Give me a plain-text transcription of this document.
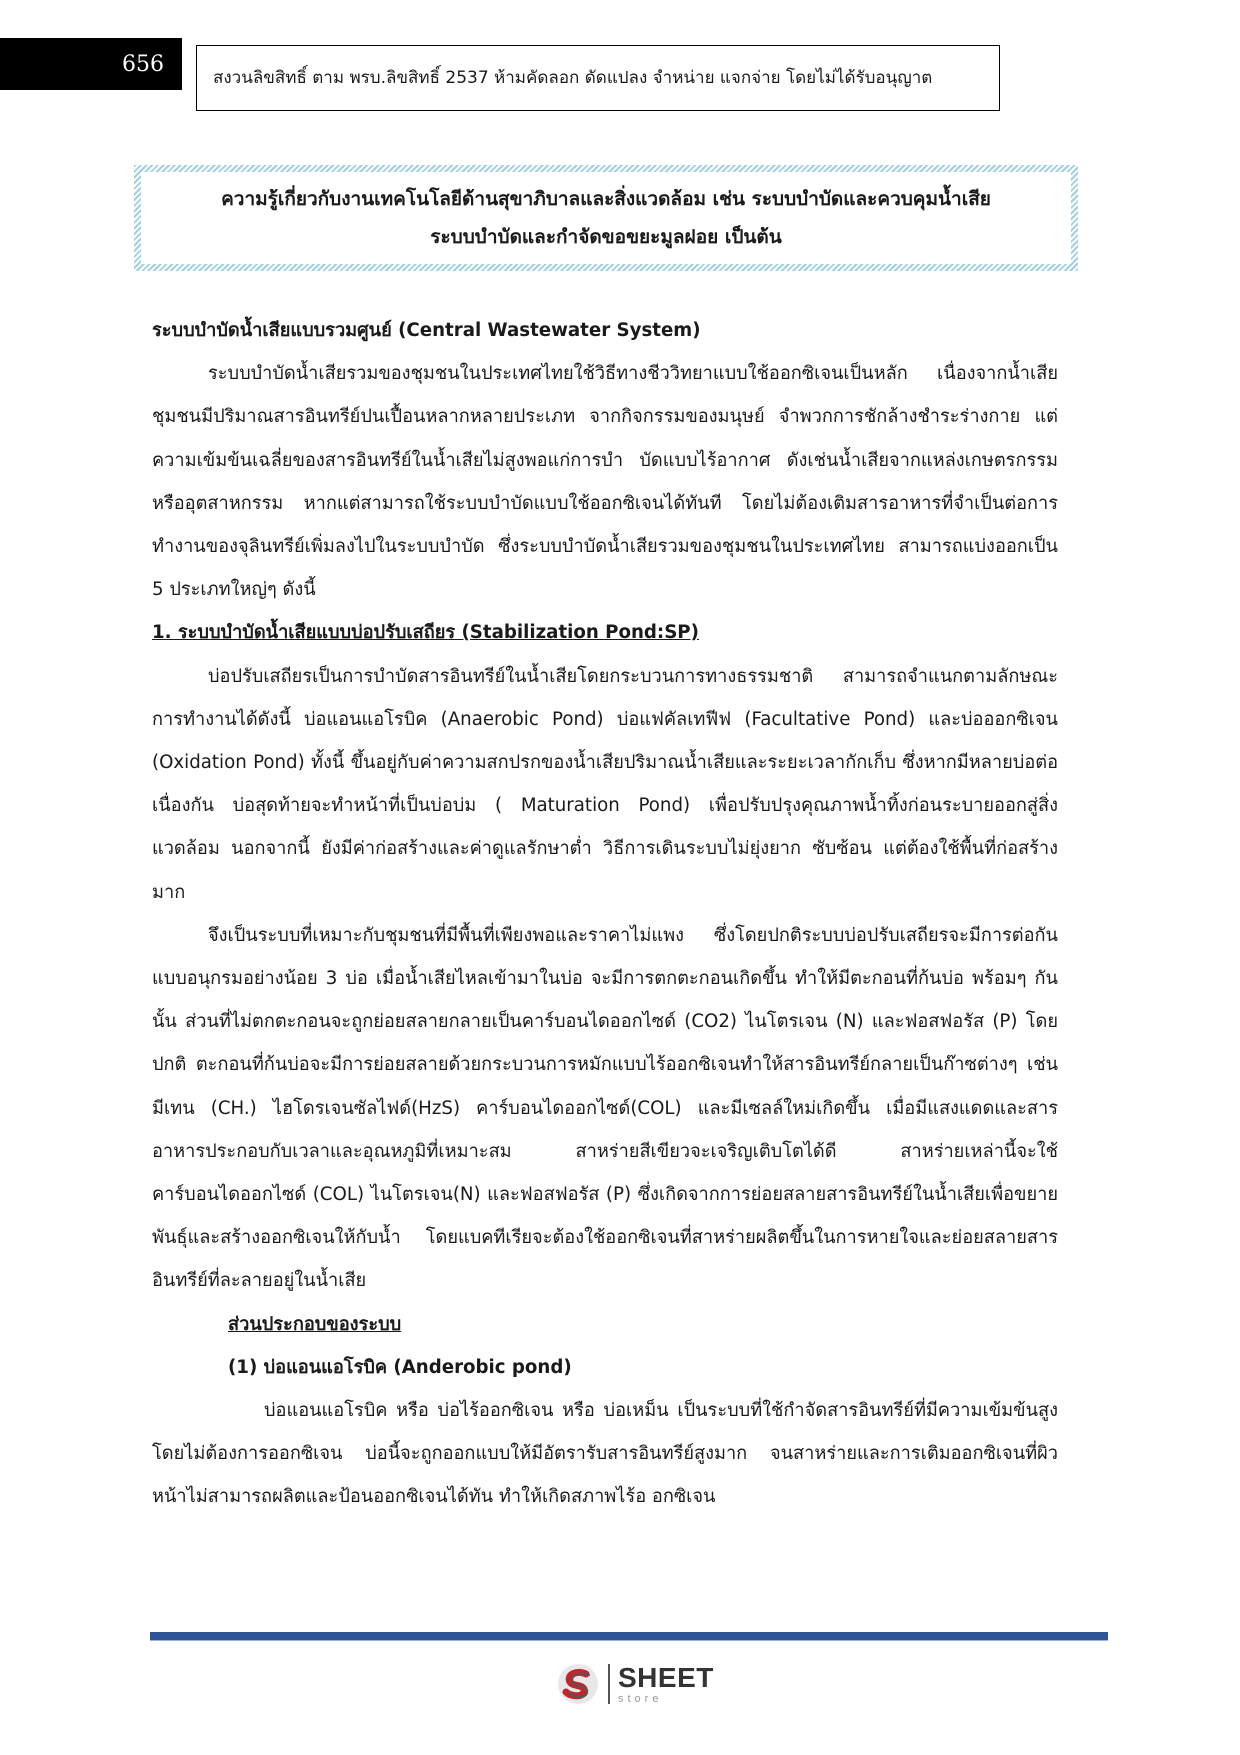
656
สงวนลิขสิทธิ์ ตาม พรบ.ลิขสิทธิ์ 2537 ห้ามคัดลอก ดัดแปลง จำหน่าย แจกจ่าย โดยไม่ได้รับอนุญาต
ความรู้เกี่ยวกับงานเทคโนโลยีด้านสุขาภิบาลและสิ่งแวดล้อม เช่น ระบบบำบัดและควบคุมน้ำเสีย
ระบบบำบัดและกำจัดขอขยะมูลฝอย เป็นต้น

ระบบบำบัดน้ำเสียแบบรวมศูนย์ (Central Wastewater System)

ระบบบำบัดน้ำเสียรวมของชุมชนในประเทศไทยใช้วิธีทางชีววิทยาแบบใช้ออกซิเจนเป็นหลัก เนื่องจากน้ำเสียชุมชนมีปริมาณสารอินทรีย์ปนเปื้อนหลากหลายประเภท จากกิจกรรมของมนุษย์ จำพวกการชักล้างชำระร่างกาย แต่ความเข้มข้นเฉลี่ยของสารอินทรีย์ในน้ำเสียไม่สูงพอแก่การบำ บัดแบบไร้อากาศ ดังเช่นน้ำเสียจากแหล่งเกษตรกรรมหรืออุตสาหกรรม หากแต่สามารถใช้ระบบบำบัดแบบใช้ออกซิเจนได้ทันที โดยไม่ต้องเติมสารอาหารที่จำเป็นต่อการทำงานของจุลินทรีย์เพิ่มลงไปในระบบบำบัด ซึ่งระบบบำบัดน้ำเสียรวมของชุมชนในประเทศไทย สามารถแบ่งออกเป็น 5 ประเภทใหญ่ๆ ดังนี้

1. ระบบบำบัดน้ำเสียแบบบ่อปรับเสถียร (Stabilization Pond:SP)

บ่อปรับเสถียรเป็นการบำบัดสารอินทรีย์ในน้ำเสียโดยกระบวนการทางธรรมชาติ สามารถจำแนกตามลักษณะการทำงานได้ดังนี้ บ่อแอนแอโรบิค (Anaerobic Pond) บ่อแฟคัลเทฟีฟ (Facultative Pond) และบ่อออกซิเจน (Oxidation Pond) ทั้งนี้ ขึ้นอยู่กับค่าความสกปรกของน้ำเสียปริมาณน้ำเสียและระยะเวลากักเก็บ ซึ่งหากมีหลายบ่อต่อเนื่องกัน บ่อสุดท้ายจะทำหน้าที่เป็นบ่อบ่ม ( Maturation Pond) เพื่อปรับปรุงคุณภาพน้ำทิ้งก่อนระบายออกสู่สิ่งแวดล้อม นอกจากนี้ ยังมีค่าก่อสร้างและค่าดูแลรักษาต่ำ วิธีการเดินระบบไม่ยุ่งยาก ซับซ้อน แต่ต้องใช้พื้นที่ก่อสร้างมาก

จึงเป็นระบบที่เหมาะกับชุมชนที่มีพื้นที่เพียงพอและราคาไม่แพง ซึ่งโดยปกติระบบบ่อปรับเสถียรจะมีการต่อกันแบบอนุกรมอย่างน้อย 3 บ่อ เมื่อน้ำเสียไหลเข้ามาในบ่อ จะมีการตกตะกอนเกิดขึ้น ทำให้มีตะกอนที่ก้นบ่อ พร้อมๆ กันนั้น ส่วนที่ไม่ตกตะกอนจะถูกย่อยสลายกลายเป็นคาร์บอนไดออกไซด์ (CO2) ไนโตรเจน (N) และฟอสฟอรัส (P) โดยปกติ ตะกอนที่ก้นบ่อจะมีการย่อยสลายด้วยกระบวนการหมักแบบไร้ออกซิเจนทำให้สารอินทรีย์กลายเป็นก๊าซต่างๆ เช่น มีเทน (CH.) ไฮโดรเจนซัลไฟด์(HzS) คาร์บอนไดออกไซด์(COL) และมีเซลล์ใหม่เกิดขึ้น เมื่อมีแสงแดดและสารอาหารประกอบกับเวลาและอุณหภูมิที่เหมาะสม สาหร่ายสีเขียวจะเจริญเติบโตได้ดี สาหร่ายเหล่านี้จะใช้คาร์บอนไดออกไซด์ (COL) ไนโตรเจน(N) และฟอสฟอรัส (P) ซึ่งเกิดจากการย่อยสลายสารอินทรีย์ในน้ำเสียเพื่อขยายพันธุ์และสร้างออกซิเจนให้กับน้ำ โดยแบคทีเรียจะต้องใช้ออกซิเจนที่สาหร่ายผลิตขึ้นในการหายใจและย่อยสลายสารอินทรีย์ที่ละลายอยู่ในน้ำเสีย

ส่วนประกอบของระบบ

(1) บ่อแอนแอโรบิค (Anderobic pond)

บ่อแอนแอโรบิค หรือ บ่อไร้ออกซิเจน หรือ บ่อเหม็น เป็นระบบที่ใช้กำจัดสารอินทรีย์ที่มีความเข้มข้นสูงโดยไม่ต้องการออกซิเจน บ่อนี้จะถูกออกแบบให้มีอัตรารับสารอินทรีย์สูงมาก จนสาหร่ายและการเติมออกซิเจนที่ผิวหน้าไม่สามารถผลิตและป้อนออกซิเจนได้ทัน ทำให้เกิดสภาพไร้อ อกซิเจน

SHEET
store
